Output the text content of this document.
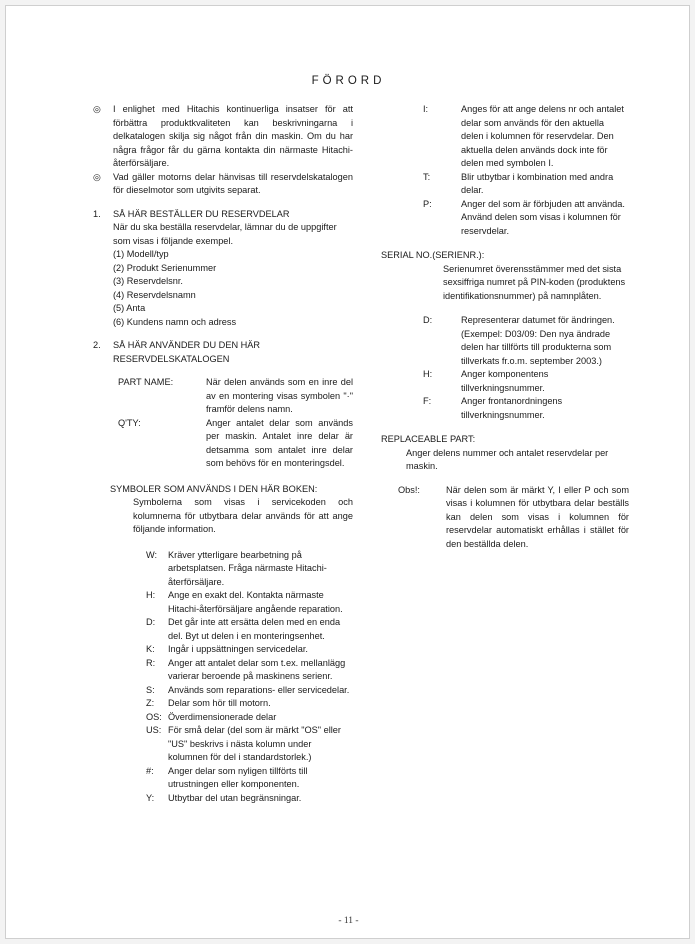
FÖRORD
◎	I enlighet med Hitachis kontinuerliga insatser för att förbättra produktkvaliteten kan beskrivningarna i delkatalogen skilja sig något från din maskin. Om du har några frågor får du gärna kontakta din närmaste Hitachi-återförsäljare.
◎	Vad gäller motorns delar hänvisas till reservdelskatalogen för dieselmotor som utgivits separat.
1.	SÅ HÄR BESTÄLLER DU RESERVDELAR
När du ska beställa reservdelar, lämnar du de uppgifter som visas i följande exempel.
(1) Modell/typ
(2) Produkt Serienummer
(3) Reservdelsnr.
(4) Reservdelsnamn
(5) Anta
(6) Kundens namn och adress
2.	SÅ HÄR ANVÄNDER DU DEN HÄR RESERVDELSKATALOGEN
PART NAME:	När delen används som en inre del av en montering visas symbolen "·" framför delens namn.
Q'TY:	Anger antalet delar som används per maskin. Antalet inre delar är detsamma som antalet inre delar som behövs för en monteringsdel.
SYMBOLER SOM ANVÄNDS I DEN HÄR BOKEN:
Symbolerna som visas i servicekoden och kolumnerna för utbytbara delar används för att ange följande information.
W:	Kräver ytterligare bearbetning på arbetsplatsen. Fråga närmaste Hitachi-återförsäljare.
H:	Ange en exakt del. Kontakta närmaste Hitachi-återförsäljare angående reparation.
D:	Det går inte att ersätta delen med en enda del. Byt ut delen i en monteringsenhet.
K:	Ingår i uppsättningen servicedelar.
R:	Anger att antalet delar som t.ex. mellanlägg varierar beroende på maskinens serienr.
S:	Används som reparations- eller servicedelar.
Z:	Delar som hör till motorn.
OS: Överdimensionerade delar
US: För små delar (del som är märkt "OS" eller "US" beskrivs i nästa kolumn under kolumnen för del i standardstorlek.)
#:	Anger delar som nyligen tillförts till utrustningen eller komponenten.
Y:	Utbytbar del utan begränsningar.
I:	Anges för att ange delens nr och antalet delar som används för den aktuella delen i kolumnen för reservdelar. Den aktuella delen används dock inte för delen med symbolen I.
T:	Blir utbytbar i kombination med andra delar.
P:	Anger del som är förbjuden att använda. Använd delen som visas i kolumnen för reservdelar.
SERIAL NO.(SERIENR.):
Serienumret överensstämmer med det sista sexsiffriga numret på PIN-koden (produktens identifikationsnummer) på namnplåten.
D:	Representerar datumet för ändringen. (Exempel: D03/09: Den nya ändrade delen har tillförts till produkterna som tillverkats fr.o.m. september 2003.)
H:	Anger komponentens tillverkningsnummer.
F:	Anger frontanordningens tillverkningsnummer.
REPLACEABLE PART:
Anger delens nummer och antalet reservdelar per maskin.
Obs!:	När delen som är märkt Y, I eller P och som visas i kolumnen för utbytbara delar beställs kan delen som visas i kolumnen för reservdelar automatiskt erhållas i stället för den beställda delen.
- 11 -
